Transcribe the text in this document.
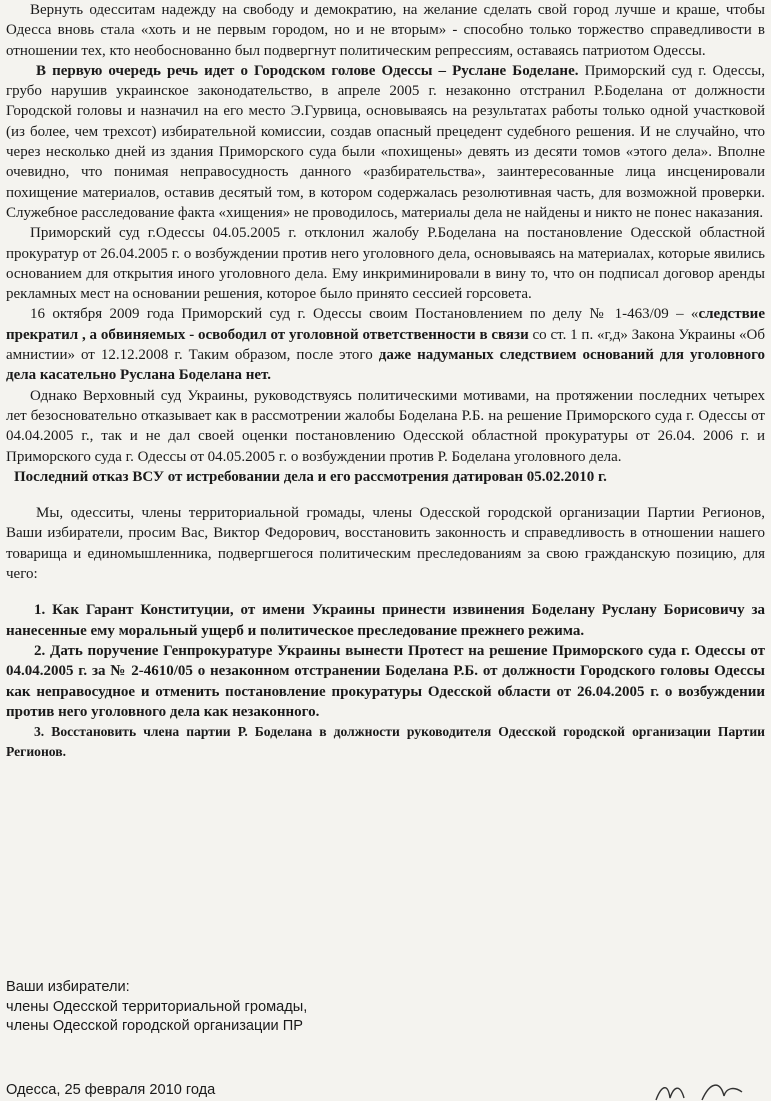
Вернуть одесситам надежду на свободу и демократию, на желание сделать свой город лучше и краше, чтобы Одесса вновь стала «хоть и не первым городом, но и не вторым» - способно только торжество справедливости в отношении тех, кто необоснованно был подвергнут политическим репрессиям, оставаясь патриотом Одессы.

В первую очередь речь идет о Городском голове Одессы – Руслане Боделане. Приморский суд г. Одессы, грубо нарушив украинское законодательство, в апреле 2005 г. незаконно отстранил Р.Боделана от должности Городской головы и назначил на его место Э.Гурвица, основываясь на результатах работы только одной участковой (из более, чем трехсот) избирательной комиссии, создав опасный прецедент судебного решения. И не случайно, что через несколько дней из здания Приморского суда были «похищены» девять из десяти томов «этого дела». Вполне очевидно, что понимая неправосудность данного «разбирательства», заинтересованные лица инсценировали похищение материалов, оставив десятый том, в котором содержалась резолютивная часть, для возможной проверки. Служебное расследование факта «хищения» не проводилось, материалы дела не найдены и никто не понес наказания.

Приморский суд г.Одессы 04.05.2005 г. отклонил жалобу Р.Боделана на постановление Одесской областной прокуратур от 26.04.2005 г. о возбуждении против него уголовного дела, основываясь на материалах, которые явились основанием для открытия иного уголовного дела. Ему инкриминировали в вину то, что он подписал договор аренды рекламных мест на основании решения, которое было принято сессией горсовета.

16 октября 2009 года Приморский суд г. Одессы своим Постановлением по делу № 1-463/09 – «следствие прекратил , а обвиняемых - освободил от уголовной ответственности в связи со ст. 1 п. «г,д» Закона Украины «Об амнистии» от 12.12.2008 г. Таким образом, после этого даже надуманых следствием оснований для уголовного дела касательно Руслана Боделана нет.

Однако Верховный суд Украины, руководствуясь политическими мотивами, на протяжении последних четырех лет безосновательно отказывает как в рассмотрении жалобы Боделана Р.Б. на решение Приморского суда г. Одессы от 04.04.2005 г., так и не дал своей оценки постановлению Одесской областной прокуратуры от 26.04. 2006 г. и Приморского суда г. Одессы от 04.05.2005 г. о возбуждении против Р. Боделана уголовного дела.

Последний отказ ВСУ от истребовании дела и его рассмотрения датирован 05.02.2010 г.

Мы, одесситы, члены территориальной громады, члены Одесской городской организации Партии Регионов, Ваши избиратели, просим Вас, Виктор Федорович, восстановить законность и справедливость в отношении нашего товарища и единомышленника, подвергшегося политическим преследованиям за свою гражданскую позицию, для чего:

1. Как Гарант Конституции, от имени Украины принести извинения Боделану Руслану Борисовичу за нанесенные ему моральный ущерб и политическое преследование прежнего режима.

2. Дать поручение Генпрокуратуре Украины вынести Протест на решение Приморского суда г. Одессы от 04.04.2005 г. за № 2-4610/05 о незаконном отстранении Боделана Р.Б. от должности Городского головы Одессы как неправосудное и отменить постановление прокуратуры Одесской области от 26.04.2005 г. о возбуждении против него уголовного дела как незаконного.

3. Восстановить члена партии Р. Боделана в должности руководителя Одесской городской организации Партии Регионов.

Ваши избиратели:

члены Одесской территориальной громады,

члены Одесской городской организации ПР

Одесса, 25 февраля 2010 года
